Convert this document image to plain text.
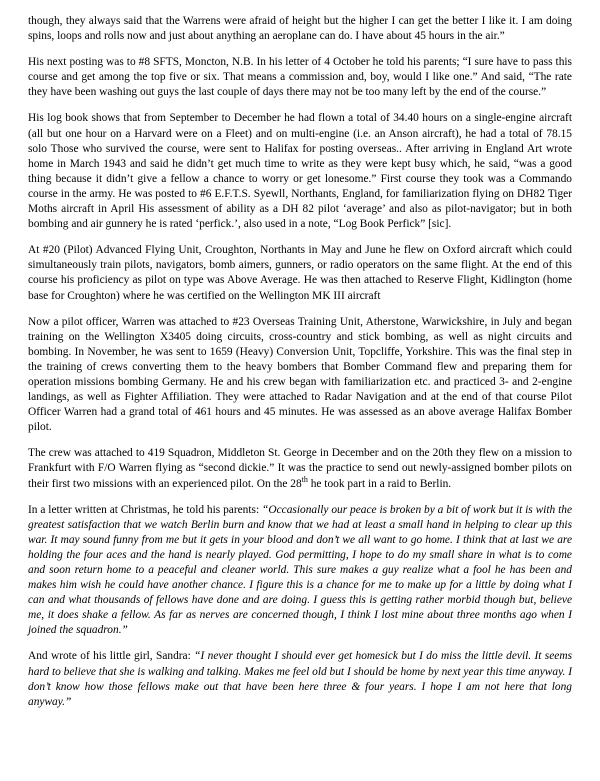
though, they always said that the Warrens were afraid of height but the higher I can get the better I like it. I am doing spins, loops and rolls now and just about anything an aeroplane can do. I have about 45 hours in the air.”

His next posting was to #8 SFTS, Moncton, N.B. In his letter of 4 October he told his parents; “I sure have to pass this course and get among the top five or six. That means a commission and, boy, would I like one.” And said, “The rate they have been washing out guys the last couple of days there may not be too many left by the end of the course.”

His log book shows that from September to December he had flown a total of 34.40 hours on a single-engine aircraft (all but one hour on a Harvard were on a Fleet) and on multi-engine (i.e. an Anson aircraft), he had a total of 78.15 solo Those who survived the course, were sent to Halifax for posting overseas.. After arriving in England Art wrote home in March 1943 and said he didn’t get much time to write as they were kept busy which, he said, “was a good thing because it didn’t give a fellow a chance to worry or get lonesome.” First course they took was a Commando course in the army. He was posted to #6 E.F.T.S. Syewll, Northants, England, for familiarization flying on DH82 Tiger Moths aircraft in April His assessment of ability as a DH 82 pilot ‘average’ and also as pilot-navigator; but in both bombing and air gunnery he is rated ‘perfick.’, also used in a note, “Log Book Perfick” [sic].

At #20 (Pilot) Advanced Flying Unit, Croughton, Northants in May and June he flew on Oxford aircraft which could simultaneously train pilots, navigators, bomb aimers, gunners, or radio operators on the same flight. At the end of this course his proficiency as pilot on type was Above Average. He was then attached to Reserve Flight, Kidlington (home base for Croughton) where he was certified on the Wellington MK III aircraft

Now a pilot officer, Warren was attached to #23 Overseas Training Unit, Atherstone, Warwickshire, in July and began training on the Wellington X3405 doing circuits, cross-country and stick bombing, as well as night circuits and bombing. In November, he was sent to 1659 (Heavy) Conversion Unit, Topcliffe, Yorkshire. This was the final step in the training of crews converting them to the heavy bombers that Bomber Command flew and preparing them for operation missions bombing Germany. He and his crew began with familiarization etc. and practiced 3- and 2-engine landings, as well as Fighter Affiliation. They were attached to Radar Navigation and at the end of that course Pilot Officer Warren had a grand total of 461 hours and 45 minutes. He was assessed as an above average Halifax Bomber pilot.

The crew was attached to 419 Squadron, Middleton St. George in December and on the 20th they flew on a mission to Frankfurt with F/O Warren flying as “second dickie.” It was the practice to send out newly-assigned bomber pilots on their first two missions with an experienced pilot. On the 28th he took part in a raid to Berlin.

In a letter written at Christmas, he told his parents: “Occasionally our peace is broken by a bit of work but it is with the greatest satisfaction that we watch Berlin burn and know that we had at least a small hand in helping to clear up this war. It may sound funny from me but it gets in your blood and don’t we all want to go home. I think that at last we are holding the four aces and the hand is nearly played. God permitting, I hope to do my small share in what is to come and soon return home to a peaceful and cleaner world. This sure makes a guy realize what a fool he has been and makes him wish he could have another chance. I figure this is a chance for me to make up for a little by doing what I can and what thousands of fellows have done and are doing. I guess this is getting rather morbid though but, believe me, it does shake a fellow. As far as nerves are concerned though, I think I lost mine about three months ago when I joined the squadron.”

And wrote of his little girl, Sandra: “I never thought I should ever get homesick but I do miss the little devil. It seems hard to believe that she is walking and talking. Makes me feel old but I should be home by next year this time anyway. I don’t know how those fellows make out that have been here three & four years. I hope I am not here that long anyway.”
